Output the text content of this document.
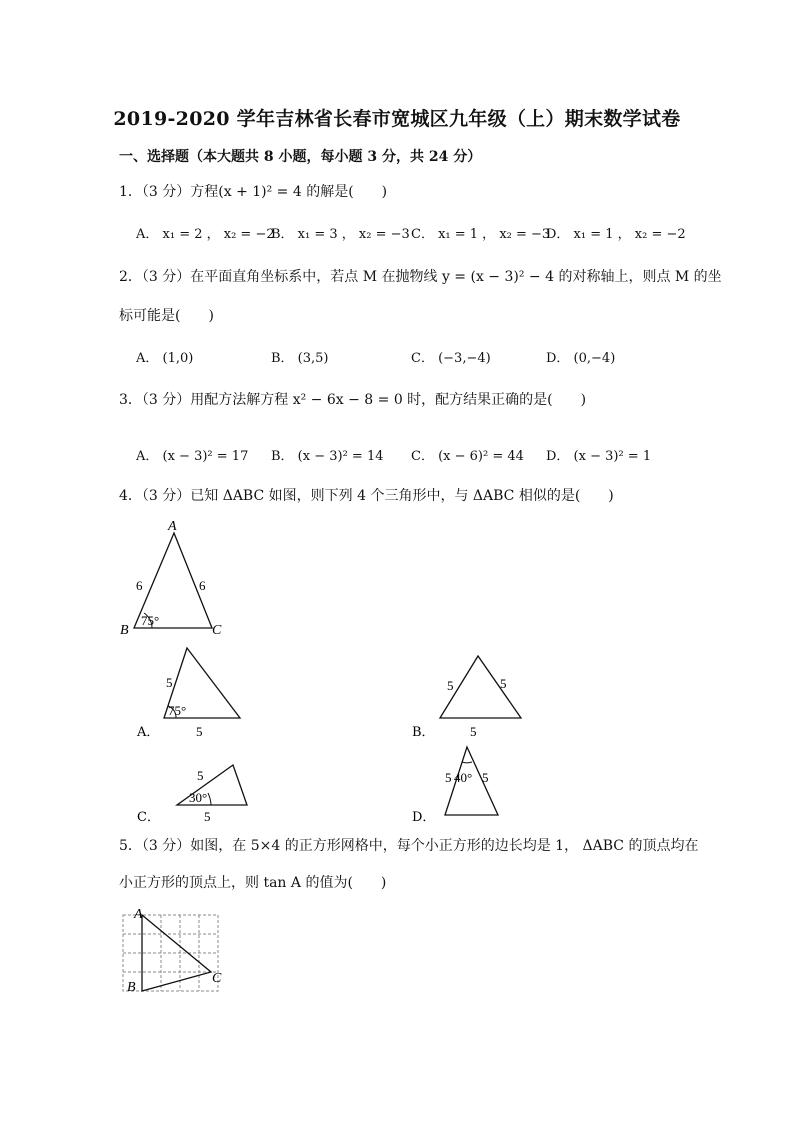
2019-2020 学年吉林省长春市宽城区九年级（上）期末数学试卷
一、选择题（本大题共 8 小题，每小题 3 分，共 24 分）
1．（3 分）方程(x + 1)² = 4 的解是(　　)
A． x₁ = 2 ， x₂ = −2
B． x₁ = 3 ， x₂ = −3 C． x₁ = 1 ， x₂ = −3
D． x₁ = 1 ， x₂ = −2
2．（3 分）在平面直角坐标系中，若点 M 在抛物线 y = (x − 3)² − 4 的对称轴上，则点 M 的坐
标可能是(　　)
A． (1,0)	B． (3,5)	C． (−3,−4)	D． (0,−4)
3．（3 分）用配方法解方程 x² − 6x − 8 = 0 时，配方结果正确的是(　　)
A． (x − 3)² = 17 B． (x − 3)² = 14 C． (x − 6)² = 44 D． (x − 3)² = 1
4．（3 分）已知 ΔABC 如图，则下列 4 个三角形中，与 ΔABC 相似的是(　　)
A
B	C
6	6
75°
A．
5
75°
5	B．
5	5
5
C．
5
30°
5	D．
5 40° 5
5．（3 分）如图，在 5×4 的正方形网格中，每个小正方形的边长均是 1， ΔABC 的顶点均在
小正方形的顶点上，则 tan A 的值为(　　)
A
B
C
